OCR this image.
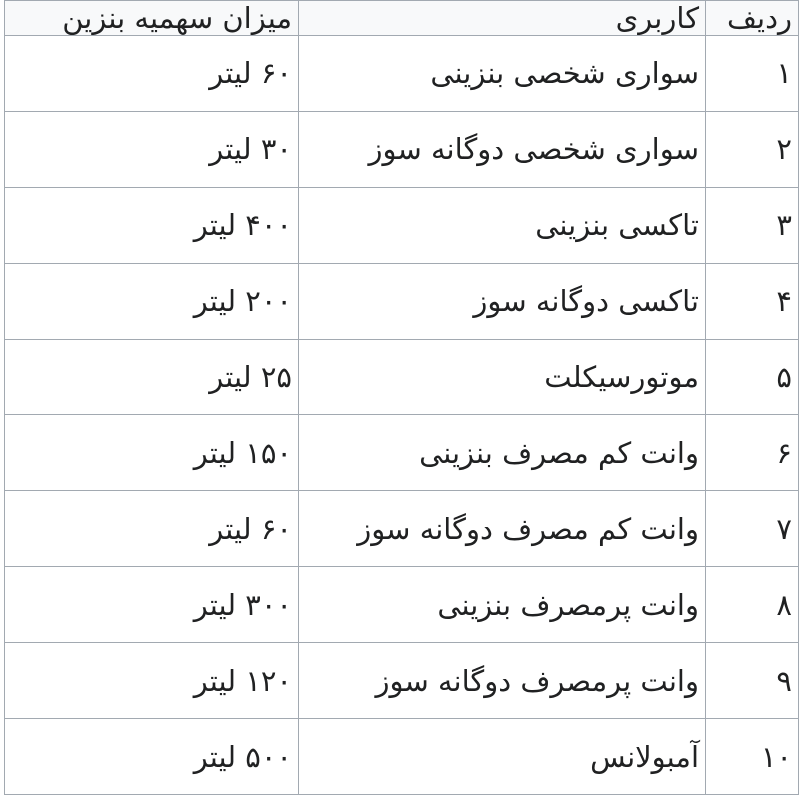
ردیف	کاربری	میزان سهمیه بنزین
۱	سواری شخصی بنزینی	۶۰ لیتر
۲	سواری شخصی دوگانه سوز	۳۰ لیتر
۳	تاکسی بنزینی	۴۰۰ لیتر
۴	تاکسی دوگانه سوز	۲۰۰ لیتر
۵	موتورسیکلت	۲۵ لیتر
۶	وانت کم مصرف بنزینی	۱۵۰ لیتر
۷	وانت کم مصرف دوگانه سوز	۶۰ لیتر
۸	وانت پرمصرف بنزینی	۳۰۰ لیتر
۹	وانت پرمصرف دوگانه سوز	۱۲۰ لیتر
۱۰	آمبولانس	۵۰۰ لیتر
